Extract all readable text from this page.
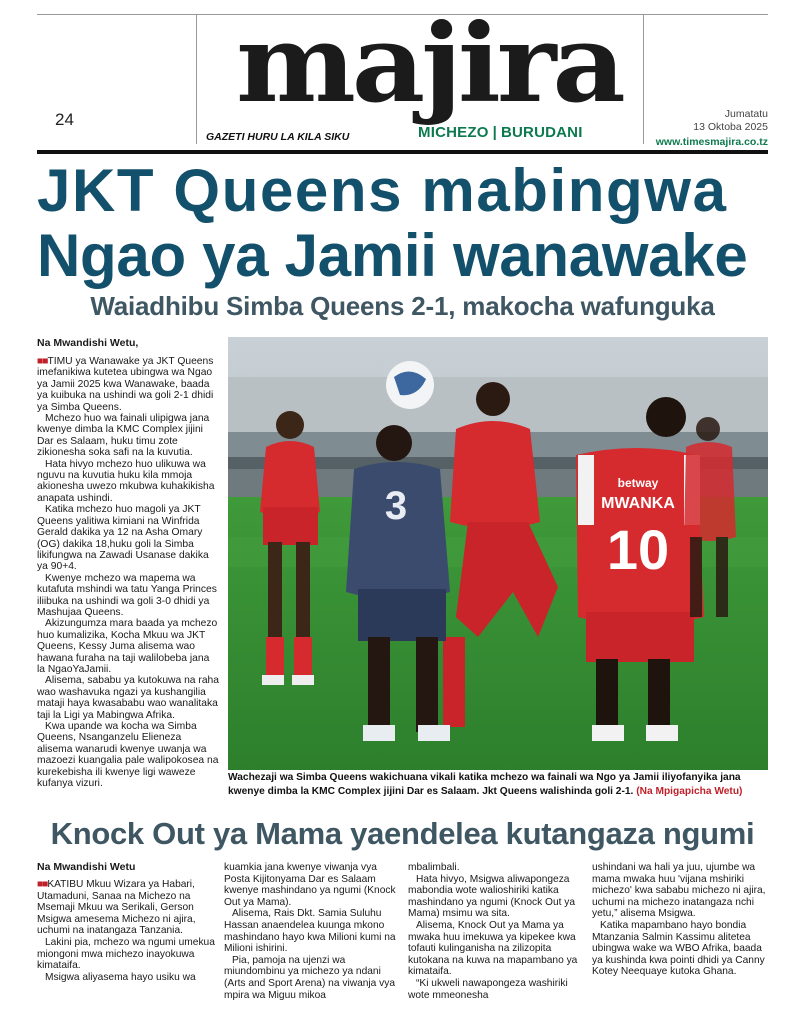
24 majira
GAZETI HURU LA KILA SIKU	MICHEZO | BURUDANI
Jumatatu
13 Oktoba 2025
www.timesmajira.co.tz
JKT Queens mabingwa
Ngao ya Jamii wanawake
Waiadhibu Simba Queens 2-1, makocha wafunguka
Na Mwandishi Wetu,

■■TIMU ya Wanawake ya JKT Queens imefanikiwa kutetea ubingwa wa Ngao ya Jamii 2025 kwa Wanawake, baada ya kuibuka na ushindi wa goli 2-1 dhidi ya Simba Queens.

Mchezo huo wa fainali ulipigwa jana kwenye dimba la KMC Complex jijini Dar es Salaam, huku timu zote zikionesha soka safi na la kuvutia.

Hata hivyo mchezo huo ulikuwa wa nguvu na kuvutia huku kila mmoja akionesha uwezo mkubwa kuhakikisha anapata ushindi.

Katika mchezo huo magoli ya JKT Queens yalitiwa kimiani na Winfrida Gerald dakika ya 12 na Asha Omary (OG) dakika 18,huku goli la Simba likifungwa na Zawadi Usanase dakika ya 90+4.

Kwenye mchezo wa mapema wa kutafuta mshindi wa tatu Yanga Princes iliibuka na ushindi wa goli 3-0 dhidi ya Mashujaa Queens.

Akizungumza mara baada ya mchezo huo kumalizika, Kocha Mkuu wa JKT Queens, Kessy Juma alisema wao hawana furaha na taji walilobeba jana la NgaoYaJamii.

Alisema, sababu ya kutokuwa na raha wao washavuka ngazi ya kushangilia mataji haya kwasababu wao wanalitaka taji la Ligi ya Mabingwa Afrika.

Kwa upande wa kocha wa Simba Queens, Nsanganzelu Elieneza alisema wanarudi kwenye uwanja wa mazoezi kuangalia pale walipokosea na kurekebisha ili kwenye ligi waweze kufanya vizuri.

3
betway
MWANKA
10
Wachezaji wa Simba Queens wakichuana vikali katika mchezo wa fainali wa Ngo ya Jamii iliyofanyika jana kwenye dimba la KMC Complex jijini Dar es Salaam. Jkt Queens walishinda goli 2-1. (Na Mpigapicha Wetu)
Knock Out ya Mama yaendelea kutangaza ngumi
Na Mwandishi Wetu

■■KATIBU Mkuu Wizara ya Habari, Utamaduni, Sanaa na Michezo na Msemaji Mkuu wa Serikali, Gerson Msigwa amesema Michezo ni ajira, uchumi na inatangaza Tanzania.

Lakini pia, mchezo wa ngumi umekua miongoni mwa michezo inayokuwa kimataifa.

Msigwa aliyasema hayo usiku wa

kuamkia jana kwenye viwanja vya Posta Kijitonyama Dar es Salaam kwenye mashindano ya ngumi (Knock Out ya Mama).

Alisema, Rais Dkt. Samia Suluhu Hassan anaendelea kuunga mkono mashindano hayo kwa Milioni kumi na Milioni ishirini.

Pia, pamoja na ujenzi wa miundombinu ya michezo ya ndani (Arts and Sport Arena) na viwanja vya mpira wa Miguu mikoa

mbalimbali.

Hata hivyo, Msigwa aliwapongeza mabondia wote walioshiriki katika mashindano ya ngumi (Knock Out ya Mama) msimu wa sita.

Alisema, Knock Out ya Mama ya mwaka huu imekuwa ya kipekee kwa tofauti kulinganisha na zilizopita kutokana na kuwa na mapambano ya kimataifa.

“Ki ukweli nawapongeza washiriki wote mmeonesha

ushindani wa hali ya juu, ujumbe wa mama mwaka huu 'vijana mshiriki michezo' kwa sababu michezo ni ajira, uchumi na michezo inatangaza nchi yetu,” alisema Msigwa.

Katika mapambano hayo bondia Mtanzania Salmin Kassimu alitetea ubingwa wake wa WBO Afrika, baada ya kushinda kwa pointi dhidi ya Canny Kotey Neequaye kutoka Ghana.
